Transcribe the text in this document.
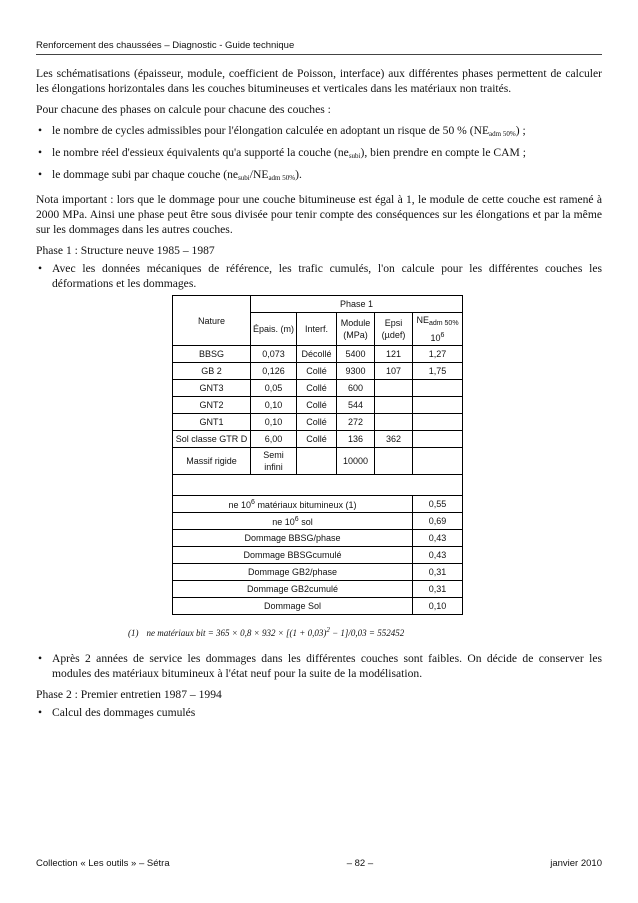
Renforcement des chaussées – Diagnostic - Guide technique

Les schématisations (épaisseur, module, coefficient de Poisson, interface) aux différentes phases permettent de calculer les élongations horizontales dans les couches bitumineuses et verticales dans les matériaux non traités.

Pour chacune des phases on calcule pour chacune des couches :

• le nombre de cycles admissibles pour l'élongation calculée en adoptant un risque de 50 % $(NE_{adm 50\%})$ ;
• le nombre réel d'essieux équivalents qu'a supporté la couche $(ne_{subi})$, bien prendre en compte le CAM ;
• le dommage subi par chaque couche $(ne_{subi}/NE_{adm 50\%})$.

Nota important : lors que le dommage pour une couche bitumineuse est égal à 1, le module de cette couche est ramené à 2000 MPa. Ainsi une phase peut être sous divisée pour tenir compte des conséquences sur les élongations et par la même sur les dommages dans les autres couches.

Phase 1 : Structure neuve 1985 – 1987

• Avec les données mécaniques de référence, les trafic cumulés, l'on calcule pour les différentes couches les déformations et les dommages.
Nature	Phase 1				
	Épais. (m)	Interf.	Module (MPa)	Epsi (µdef)	$NE_{adm 50\%}$
$10^6$
BBSG	0,073	Décollé	5400	121	1,27
GB 2	0,126	Collé	9300	107	1,75
GNT3	0,05	Collé	600		
GNT2	0,10	Collé	544		
GNT1	0,10	Collé	272		
Sol classe GTR D	6,00	Collé	136	362	
Massif rigide	Semi infini		10000		

ne $10^6$ matériaux bitumineux (1)					0,55
ne $10^6$ sol					0,69
Dommage BBSG/phase					0,43
Dommage BBSGcumulé					0,43
Dommage GB2/phase					0,31
Dommage GB2cumulé					0,31
Dommage Sol					0,10
(1) ne matériaux bit = $365 \times 0,8 \times 932 \times [(1 + 0,03)^2 - 1]/0,03 = 552452$
• Après 2 années de service les dommages dans les différentes couches sont faibles. On décide de conserver les modules des matériaux bitumineux à l'état neuf pour la suite de la modélisation.

Phase 2 : Premier entretien 1987 – 1994

• Calcul des dommages cumulés
Collection « Les outils » – Sétra	– 82 –	janvier 2010
